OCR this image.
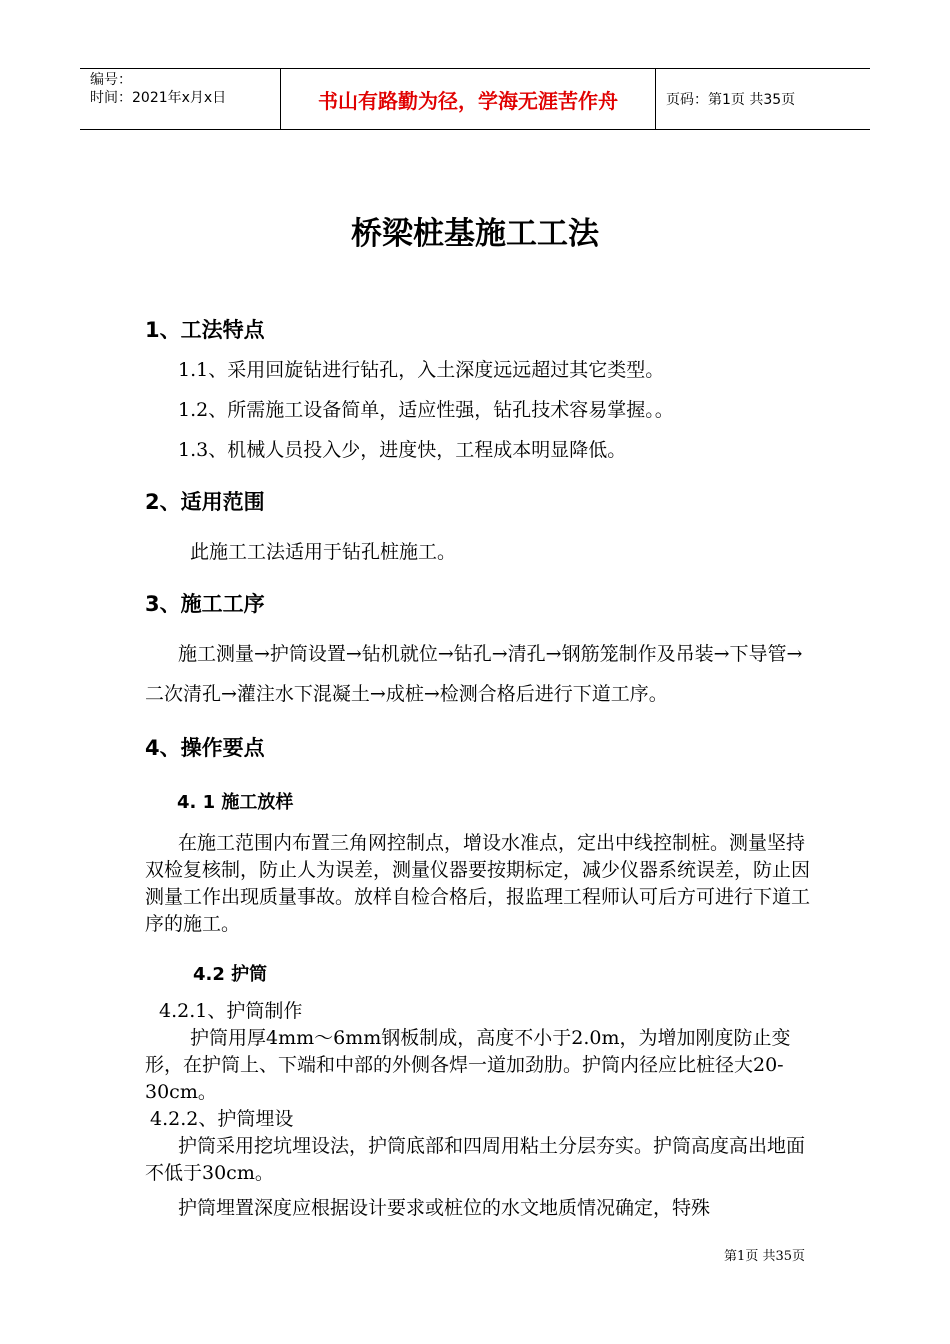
编号：
时间：2021年x月x日	书山有路勤为径，学海无涯苦作舟	页码：第1页 共35页
桥梁桩基施工工法
1、工法特点

1.1、采用回旋钻进行钻孔，入土深度远远超过其它类型。

1.2、所需施工设备简单，适应性强，钻孔技术容易掌握。。

1.3、机械人员投入少，进度快，工程成本明显降低。

2、适用范围

此施工工法适用于钻孔桩施工。

3、施工工序

施工测量→护筒设置→钻机就位→钻孔→清孔→钢筋笼制作及吊装→下导管→二次清孔→灌注水下混凝土→成桩→检测合格后进行下道工序。

4、操作要点
4. 1 施工放样

在施工范围内布置三角网控制点，增设水准点，定出中线控制桩。测量坚持双检复核制，防止人为误差，测量仪器要按期标定，减少仪器系统误差，防止因测量工作出现质量事故。放样自检合格后，报监理工程师认可后方可进行下道工序的施工。

4.2 护筒

4.2.1、护筒制作

护筒用厚4mm～6mm钢板制成，高度不小于2.0m，为增加刚度防止变形，在护筒上、下端和中部的外侧各焊一道加劲肋。护筒内径应比桩径大20-30cm。

4.2.2、护筒埋设

护筒采用挖坑埋设法，护筒底部和四周用粘土分层夯实。护筒高度高出地面不低于30cm。

护筒埋置深度应根据设计要求或桩位的水文地质情况确定，特殊

第1页 共35页
